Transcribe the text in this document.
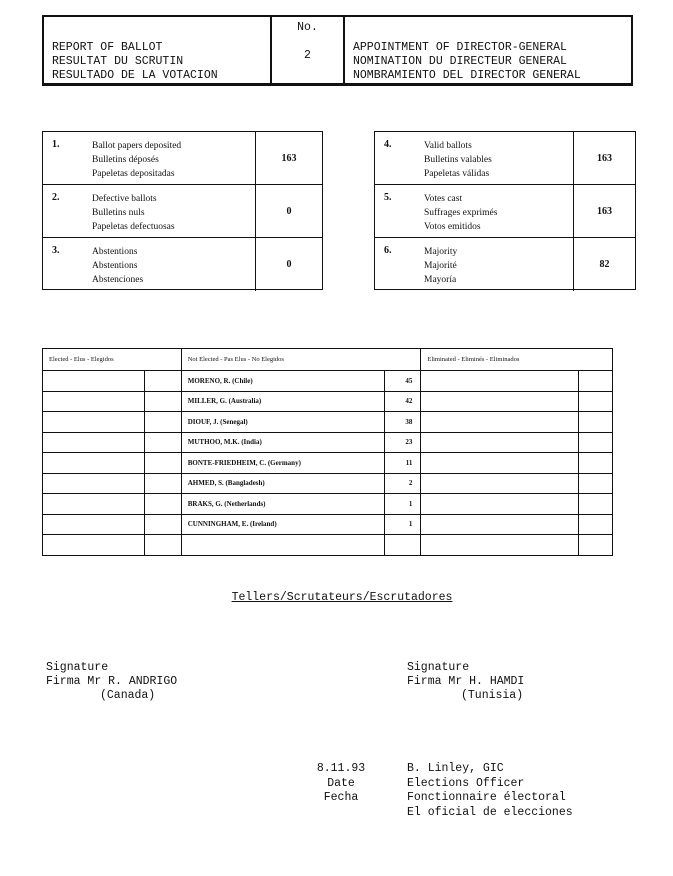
REPORT OF BALLOT
RESULTAT DU SCRUTIN
RESULTADO DE LA VOTACION
No.
2
APPOINTMENT OF DIRECTOR-GENERAL
NOMINATION DU DIRECTEUR GENERAL
NOMBRAMIENTO DEL DIRECTOR GENERAL
1.	Ballot papers deposited
Bulletins déposés
Papeletas depositadas
163
2.	Defective ballots
Bulletins nuls
Papeletas defectuosas
0
3.	Abstentions
Abstentions
Abstenciones
0
4.	Valid ballots
Bulletins valables
Papeletas válidas
163
5.	Votes cast
Suffrages exprimés
Votos emitidos
163
6.	Majority
Majorité
Mayoría
82
Elected - Elus - Elegidos		Not Elected - Pas Elus - No Elegidos		Eliminated - Eliminés - Eliminados	
		MORENO, R. (Chile)	45		
		MILLER, G. (Australia)	42		
		DIOUF, J. (Senegal)	38		
		MUTHOO, M.K. (India)	23		
		BONTE-FRIEDHEIM, C. (Germany)	11		
		AHMED, S. (Bangladesh)	2		
		BRAKS, G. (Netherlands)	1		
		CUNNINGHAM, E. (Ireland)	1		

Tellers/Scrutateurs/Escrutadores
Signature
Firma Mr R. ANDRIGO
(Canada)
Signature
Firma Mr H. HAMDI
(Tunisia)
8.11.93
Date
Fecha
B. Linley, GIC
Elections Officer
Fonctionnaire électoral
El oficial de elecciones
